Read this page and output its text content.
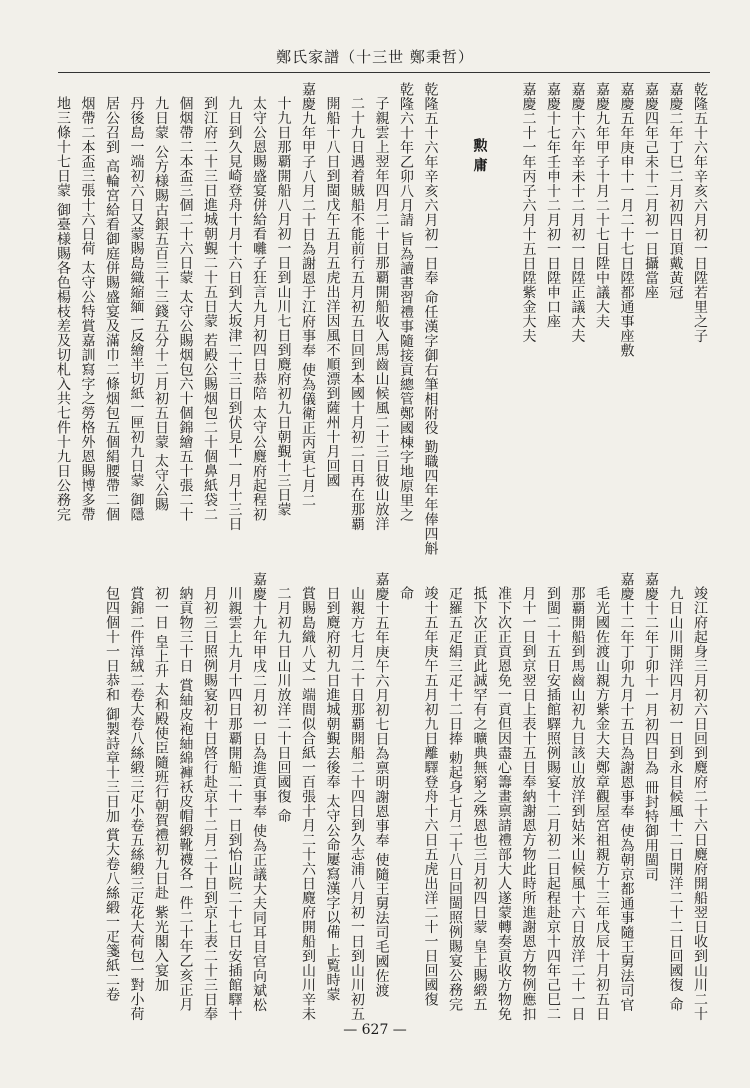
鄭氏家譜（十三世 鄭秉哲）
乾隆五十六年辛亥六月初一日陞若里之子
嘉慶二年丁巳二月初四日頂戴黃冠
嘉慶四年己未十二月初一日攝當座
嘉慶五年庚申十一月二十七日陞都通事座敷
嘉慶九年甲子十月二十七日陞中議大夫
嘉慶十六年辛未十二月初一日陞正議大夫
嘉慶十七年壬申十二月初一日陞申口座
嘉慶二十一年丙子六月十五日陞紫金大夫
勲 庸
乾隆五十六年辛亥六月初一日奉 命任漢字御右筆相附役 勤職四年年俸四斛
乾隆六十年乙卯八月請 旨為讀書習禮事隨接貢總管鄭國棟字地原里之
子親雲上翌年四月二十日那覇開船收入馬齒山候風二十三日彼山放洋
二十九日遇着賊船不能前行五月初五日回到本國十月初二日再在那覇
開船十八日到閩戊午五月五虎出洋因風不順漂到薩州十月回國
嘉慶九年甲子八月二十日為謝恩于江府事奉 使為儀衛正丙寅七月二
十九日那覇開船八月初一日到山川七日到麑府初九日朝覲十三日蒙
太守公恩賜盛宴併給看囃子狂言九月初四日恭陪 太守公麑府起程初
九日到久見崎登舟十月十六日到大坂津二十三日到伏見十一月十三日
到江府二十三日進城朝覲二十五日蒙 若殿公賜烟包二十個鼻紙袋二
個烟帶二本盃三個二十六日蒙 太守公賜烟包六十個錦繪五十張二十
九日蒙 公方様賜古銀五百三十三錢五分十二月初五日蒙 太守公賜
丹後島一端初六日又蒙賜島織縮緬一反繪半切紙一匣初九日蒙 御隱
居公召到 高輪宮給看御庭併賜盛宴及滿巾二條烟包五個絹腰帶二個
烟帶二本盃三張十六日荷 太守公特賞嘉訓寫字之勞格外恩賜博多帶
地三條十七日蒙 御臺様賜各色楊枝差及切札入共七件十九日公務完
竣江府起身三月初六日回到麑府二十六日麑府開船翌日收到山川二十
九日山川開洋四月初一日到永目候風十二日開洋二十二日回國復 命
嘉慶十二年丁卯十一月初四日為 冊封特御用閩司
嘉慶十二年丁卯九月十五日為謝恩事奉 使為朝京都通事隨王舅法司官
毛光國佐渡山親方紫金大夫鄭章觀屋宮祖親方十三年戊辰十月初五日
那覇開船到馬齒山初九日該山放洋到姑米山候風十六日放洋二十一日
到閩二十五日安插館驛照例賜宴十二月初二日起程赴京十四年己巳二
月十一日到京翌日上表十五日奉納謝恩方物此時所進謝恩方物例應扣
准下次正貢恩免一貢但因盡心籌畫禀請禮部大人遂蒙轉奏貢收方物免
抵下次正貢此誠罕有之曠典無窮之殊恩也三月初四日蒙 皇上賜緞五
疋羅五疋絹三疋十二日捧 勅起身七月二十八日回閩照例賜宴公務完
竣十五年庚午五月初九日離驛登舟十六日五虎出洋二十一日回國復
命
嘉慶十五年庚午六月初七日為禀明謝恩事奉 使隨王舅法司毛國佐渡
山親方七月二十日那覇開船二十四日到久志浦八月初一日到山川初五
日到麑府初九日進城朝覲去後奉 太守公命屢寫漢字以備 上覧時蒙
賞賜島織八丈一端間似合紙一百張十月二十六日麑府開船到山川辛未
二月初九日山川放洋二十日回國復 命
嘉慶十九年甲戌二月初一日為進貢事奉 使為正議大夫同耳目官向斌松
川親雲上九月十四日那覇開船二十一日到怡山院二十七日安插館驛十
月初三日照例賜宴初十日啓行赴京十二月二十日到京上表二十三日奉
納貢物三十日 賞紬皮袍紬綿褲袄皮帽緞靴襪各一件二十年乙亥正月
初一日 皇上升 太和殿使臣隨班行朝賀禮初九日赴 紫光閣入宴加
賞錦二件漳絨二卷大卷八絲緞三疋小卷五絲緞三疋花大荷包一對小荷
包四個十一日恭和 御製詩章十三日加 賞大卷八絲緞一疋箋紙二卷
— 627 —
